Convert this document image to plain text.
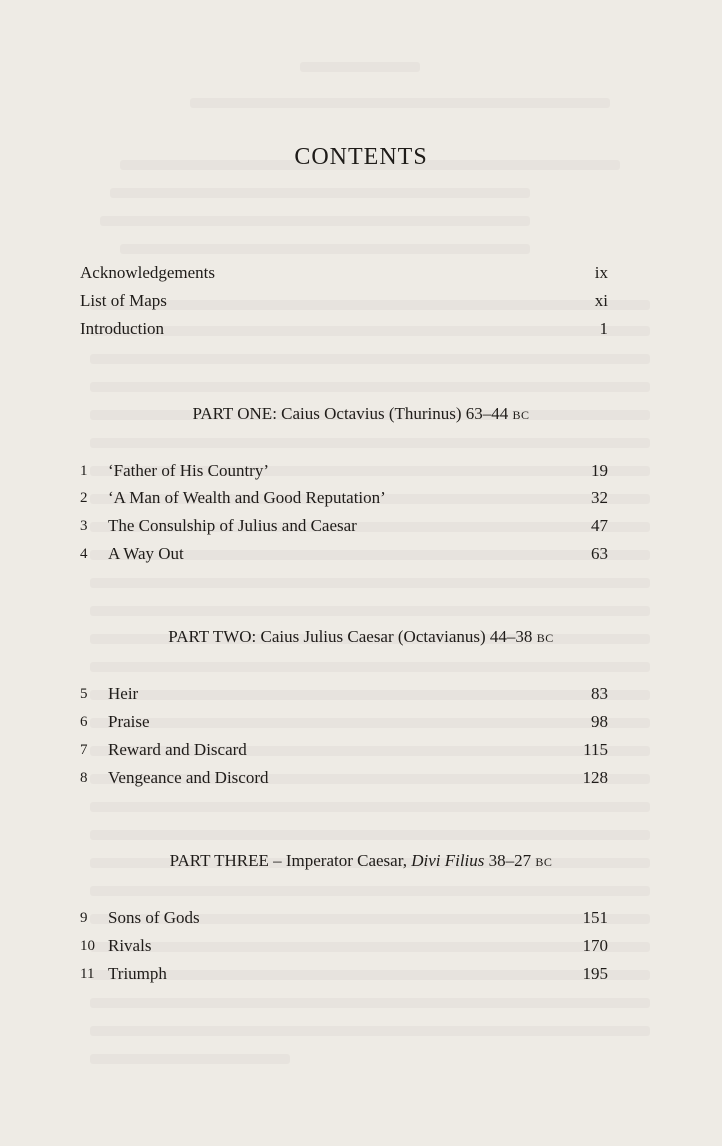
CONTENTS
Acknowledgements	ix
List of Maps	xi
Introduction	1
PART ONE: Caius Octavius (Thurinus) 63–44 BC
1	‘Father of His Country’	19
2	‘A Man of Wealth and Good Reputation’	32
3	The Consulship of Julius and Caesar	47
4	A Way Out	63
PART TWO: Caius Julius Caesar (Octavianus) 44–38 BC
5	Heir	83
6	Praise	98
7	Reward and Discard	115
8	Vengeance and Discord	128
PART THREE – Imperator Caesar, Divi Filius 38–27 BC
9	Sons of Gods	151
10 Rivals	170
11 Triumph	195
